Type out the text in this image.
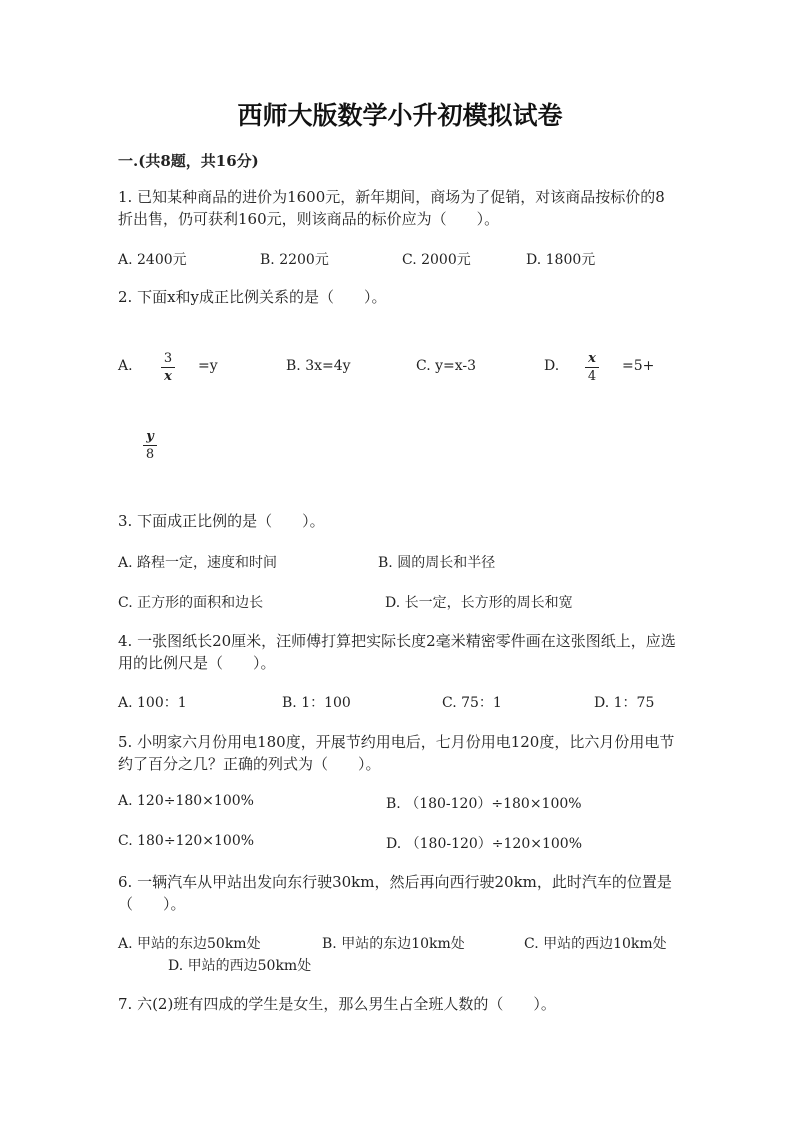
西师大版数学小升初模拟试卷
一.(共8题，共16分)
1. 已知某种商品的进价为1600元，新年期间，商场为了促销，对该商品按标价的8折出售，仍可获利160元，则该商品的标价应为（　　）。
A. 2400元	B. 2200元	C. 2000元	D. 1800元
2. 下面x和y成正比例关系的是（　　）。
A. 3
x
=y	B. 3x=4y	C. y=x-3	D. x
4
=5+
y
8
3. 下面成正比例的是（　　）。
A. 路程一定，速度和时间	B. 圆的周长和半径
C. 正方形的面积和边长	D. 长一定，长方形的周长和宽
4. 一张图纸长20厘米，汪师傅打算把实际长度2毫米精密零件画在这张图纸上，应选用的比例尺是（　　）。
A. 100：1	B. 1：100	C. 75：1	D. 1：75
5. 小明家六月份用电180度，开展节约用电后，七月份用电120度，比六月份用电节约了百分之几？正确的列式为（　　）。
A. 120÷180×100%	B. （180-120）÷180×100%
C. 180÷120×100%	D. （180-120）÷120×100%
6. 一辆汽车从甲站出发向东行驶30km，然后再向西行驶20km，此时汽车的位置是（　　）。
A. 甲站的东边50km处	B. 甲站的东边10km处	C. 甲站的西边10km处
D. 甲站的西边50km处
7. 六(2)班有四成的学生是女生，那么男生占全班人数的（　　）。
